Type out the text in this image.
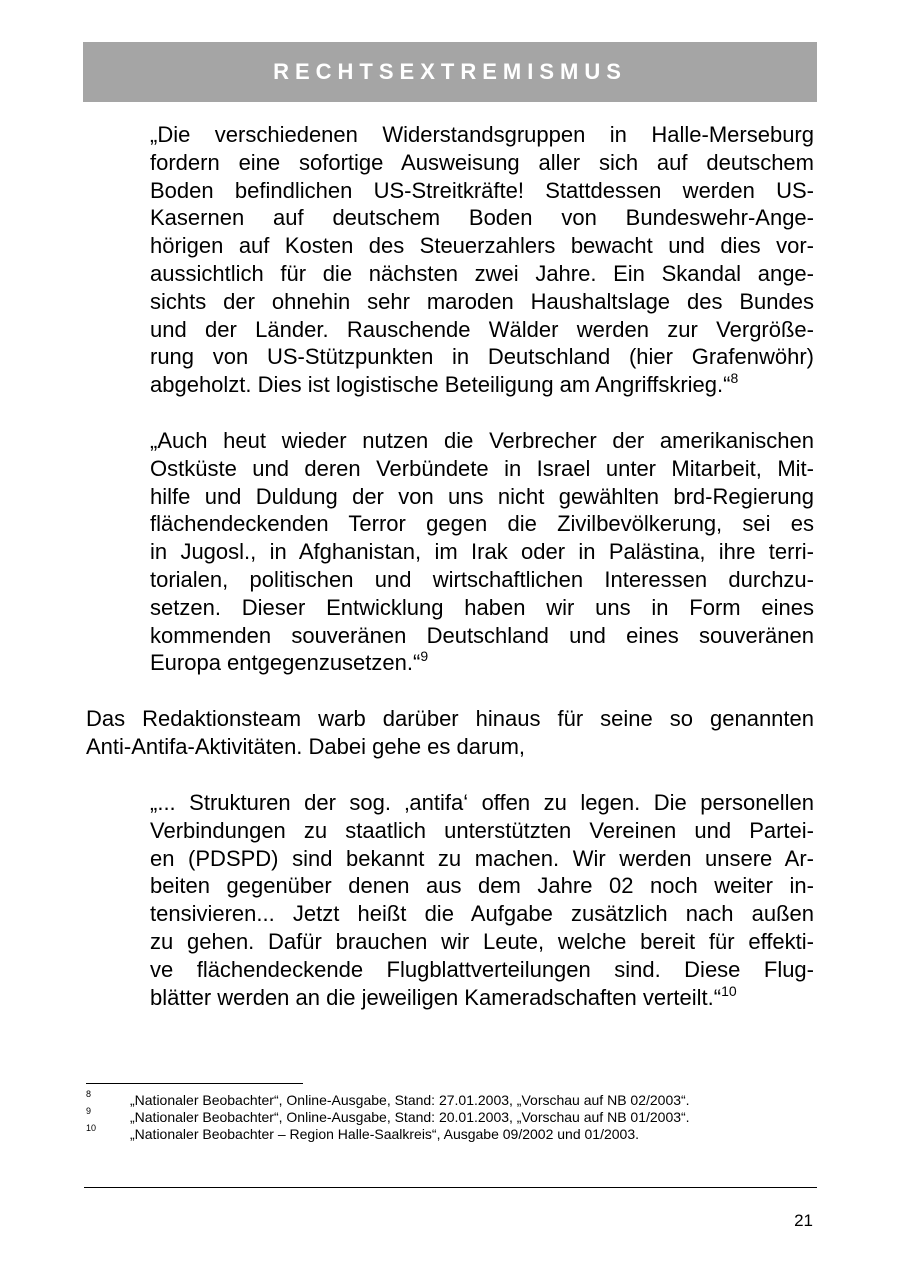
RECHTSEXTREMISMUS
„Die verschiedenen Widerstandsgruppen in Halle-Merseburg
fordern eine sofortige Ausweisung aller sich auf deutschem
Boden befindlichen US-Streitkräfte! Stattdessen werden US-
Kasernen auf deutschem Boden von Bundeswehr-Ange-
hörigen auf Kosten des Steuerzahlers bewacht und dies vor-
aussichtlich für die nächsten zwei Jahre. Ein Skandal ange-
sichts der ohnehin sehr maroden Haushaltslage des Bundes
und der Länder. Rauschende Wälder werden zur Vergröße-
rung von US-Stützpunkten in Deutschland (hier Grafenwöhr)
abgeholzt. Dies ist logistische Beteiligung am Angriffskrieg.“$^8$
„Auch heut wieder nutzen die Verbrecher der amerikanischen
Ostküste und deren Verbündete in Israel unter Mitarbeit, Mit-
hilfe und Duldung der von uns nicht gewählten brd-Regierung
flächendeckenden Terror gegen die Zivilbevölkerung, sei es
in Jugosl., in Afghanistan, im Irak oder in Palästina, ihre terri-
torialen, politischen und wirtschaftlichen Interessen durchzu-
setzen. Dieser Entwicklung haben wir uns in Form eines
kommenden souveränen Deutschland und eines souveränen
Europa entgegenzusetzen.“$^9$
Das Redaktionsteam warb darüber hinaus für seine so genannten
Anti-Antifa-Aktivitäten. Dabei gehe es darum,
„... Strukturen der sog. ‚antifa‘ offen zu legen. Die personellen
Verbindungen zu staatlich unterstützten Vereinen und Partei-
en (PDSPD) sind bekannt zu machen. Wir werden unsere Ar-
beiten gegenüber denen aus dem Jahre 02 noch weiter in-
tensivieren... Jetzt heißt die Aufgabe zusätzlich nach außen
zu gehen. Dafür brauchen wir Leute, welche bereit für effekti-
ve flächendeckende Flugblattverteilungen sind. Diese Flug-
blätter werden an die jeweiligen Kameradschaften verteilt.“$^{10}$
8	„Nationaler Beobachter“, Online-Ausgabe, Stand: 27.01.2003, „Vorschau auf NB 02/2003“.
9	„Nationaler Beobachter“, Online-Ausgabe, Stand: 20.01.2003, „Vorschau auf NB 01/2003“.
10 „Nationaler Beobachter – Region Halle-Saalkreis“, Ausgabe 09/2002 und 01/2003.
21
